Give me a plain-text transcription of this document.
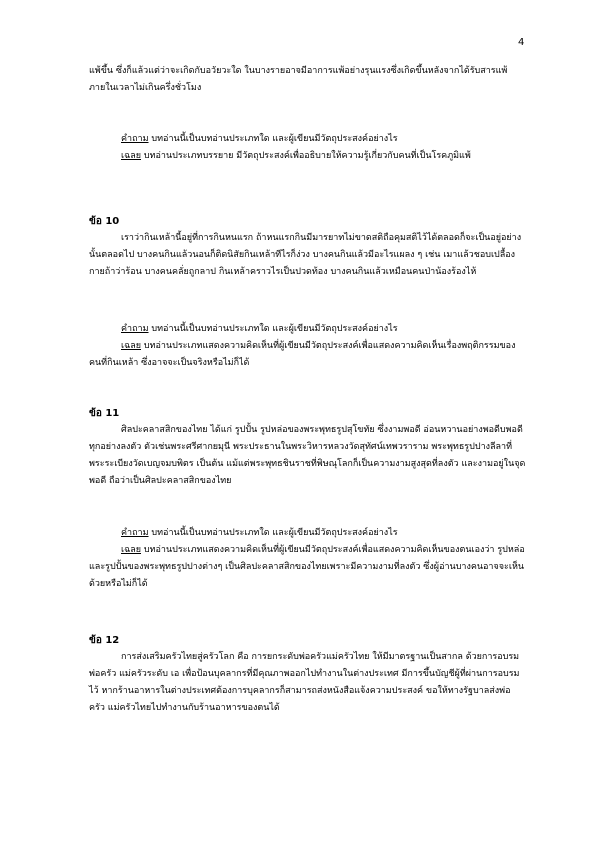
4

แพ้ขึ้น ซึ่งก็แล้วแต่ว่าจะเกิดกับอวัยวะใด ในบางรายอาจมีอาการแพ้อย่างรุนแรงซึ่งเกิดขึ้นหลังจากได้รับสารแพ้ภายในเวลาไม่เกินครึ่งชั่วโมง

คำถาม บทอ่านนี้เป็นบทอ่านประเภทใด และผู้เขียนมีวัตถุประสงค์อย่างไร

เฉลย บทอ่านประเภทบรรยาย มีวัตถุประสงค์เพื่ออธิบายให้ความรู้เกี่ยวกับคนที่เป็นโรคภูมิแพ้

ข้อ 10

เราว่ากินเหล้านี้อยู่ที่การกินหนแรก ถ้าหนแรกกินมีมารยาทไม่ขาดสติถือคุมสติไว้ได้ตลอดก็จะเป็นอยู่อย่างนั้นตลอดไป บางคนกินแล้วนอนก็ติดนิสัยกินเหล้าทีไรก็ง่วง บางคนกินแล้วมีอะไรแผลง ๆ เช่น เมาแล้วชอบเปลื้องกายถ้าว่าร้อน บางคนคลั่ยถูกลาป กินเหล้าคราวไรเป็นปวดท้อง บางคนกินแล้วเหมือนคนป่าน้องร้องไห้

คำถาม บทอ่านนี้เป็นบทอ่านประเภทใด และผู้เขียนมีวัตถุประสงค์อย่างไร

เฉลย บทอ่านประเภทแสดงความคิดเห็นที่ผู้เขียนมีวัตถุประสงค์เพื่อแสดงความคิดเห็นเรื่องพฤติกรรมของคนที่กินเหล้า ซึ่งอาจจะเป็นจริงหรือไม่ก็ได้

ข้อ 11

ศิลปะคลาสสิกของไทย ได้แก่ รูปปั้น รูปหล่อของพระพุทธรูปสุโขทัย ซึ่งงามพอดี อ่อนหวานอย่างพอดีบพอดี ทุกอย่างลงตัว ตัวเช่นพระศรีศากยมุนี พระประธานในพระวิหารหลวงวัดสุทัศน์เทพวราราม พระพุทธรูปปางลีลาที่พระระเบียงวัดเบญจมบพิตร เป็นต้น แม้แต่พระพุทธชินราชที่พิษณุโลกก็เป็นความงามสูงสุดที่ลงตัว และงามอยู่ในจุดพอดี ถือว่าเป็นศิลปะคลาสสิกของไทย

คำถาม บทอ่านนี้เป็นบทอ่านประเภทใด และผู้เขียนมีวัตถุประสงค์อย่างไร

เฉลย บทอ่านประเภทแสดงความคิดเห็นที่ผู้เขียนมีวัตถุประสงค์เพื่อแสดงความคิดเห็นของตนเองว่า รูปหล่อและรูปปั้นของพระพุทธรูปปางต่างๆ เป็นศิลปะคลาสสิกของไทยเพราะมีความงามที่ลงตัว ซึ่งผู้อ่านบางคนอาจจะเห็นด้วยหรือไม่ก็ได้

ข้อ 12

การส่งเสริมครัวไทยสู่ครัวโลก คือ การยกระดับพ่อครัวแม่ครัวไทย ให้มีมาตรฐานเป็นสากล ด้วยการอบรมพ่อครัว แม่ครัวระดับ เอ เพื่อป้อนบุคลากรที่มีคุณภาพออกไปทำงานในต่างประเทศ มีการขึ้นบัญชีผู้ที่ผ่านการอบรมไว้ หากร้านอาหารในต่างประเทศต้องการบุคลากรก็สามารถส่งหนังสือแจ้งความประสงค์ ขอให้ทางรัฐบาลส่งพ่อครัว แม่ครัวไทยไปทำงานกับร้านอาหารของตนได้
